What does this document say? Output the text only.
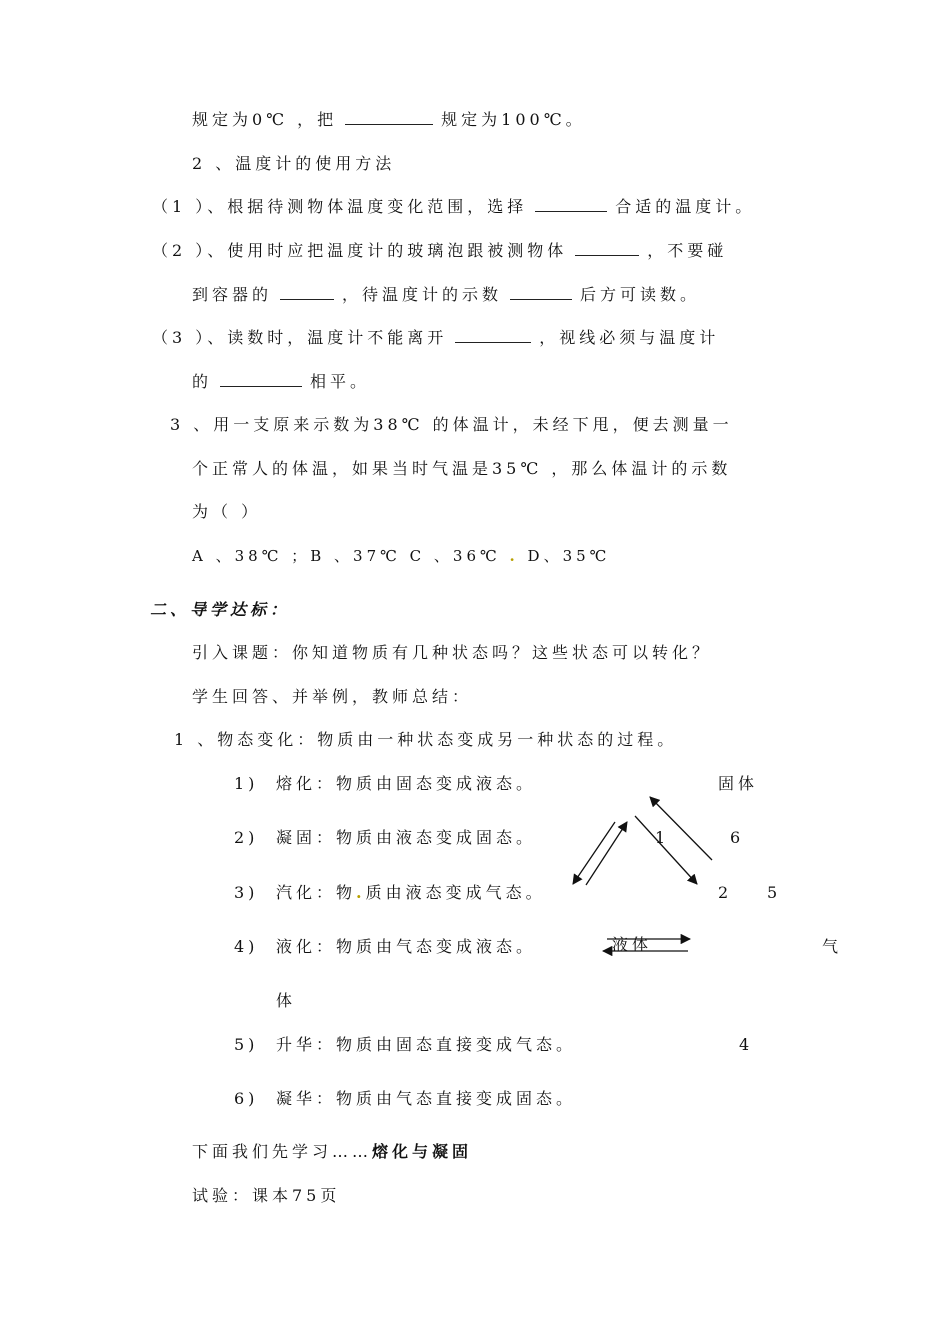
规定为0℃ ，把	规定为100℃。
2 、温度计的使用方法
（1 ）、根据待测物体温度变化范围，选择	合适的温度计。
（2 ）、使用时应把温度计的玻璃泡跟被测物体	，不要碰
到容器的	，待温度计的示数	后方可读数。
（3 ）、读数时，温度计不能离开	，视线必须与温度计
的	相平。
3 、用一支原来示数为38℃ 的体温计，未经下甩，便去测量一
个正常人的体温，如果当时气温是35℃ ，那么体温计的示数
为（ ）
A 、38℃ ；B 、37℃ C 、36℃ . D、35℃
二、导学达标：
引入课题：你知道物质有几种状态吗？这些状态可以转化？
学生回答、并举例，教师总结：
1 、物态变化：物质由一种状态变成另一种状态的过程。
1) 熔化：物质由固态变成液态。
2) 凝固：物质由液态变成固态。
3) 汽化：物.质由液态变成气态。
4) 液化：物质由气态变成液态。
体
5) 升华：物质由固态直接变成气态。
6) 凝华：物质由气态直接变成固态。
固体
1	6
2 5
液体	气
4
下面我们先学习……熔化与凝固
试验：课本75页
